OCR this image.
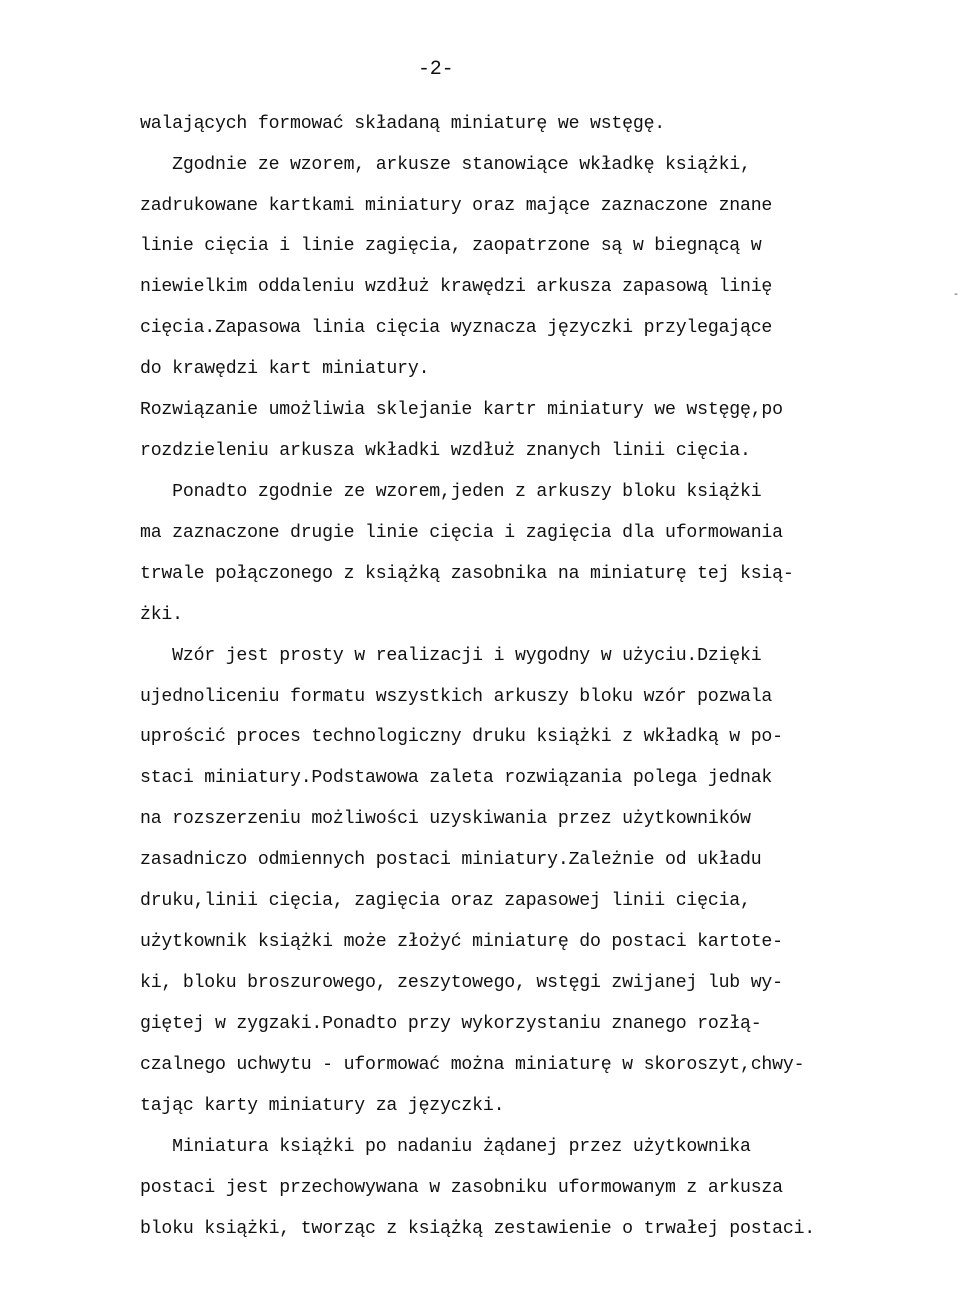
-2-
-
walających formować składaną miniaturę we wstęgę.
Zgodnie ze wzorem, arkusze stanowiące wkładkę książki,
zadrukowane kartkami miniatury oraz mające zaznaczone znane
linie cięcia i linie zagięcia, zaopatrzone są w biegnącą w
niewielkim oddaleniu wzdłuż krawędzi arkusza zapasową linię
cięcia.Zapasowa linia cięcia wyznacza języczki przylegające
do krawędzi kart miniatury.
Rozwiązanie umożliwia sklejanie kartr miniatury we wstęgę,po
rozdzieleniu arkusza wkładki wzdłuż znanych linii cięcia.
Ponadto zgodnie ze wzorem,jeden z arkuszy bloku książki
ma zaznaczone drugie linie cięcia i zagięcia dla uformowania
trwale połączonego z książką zasobnika na miniaturę tej ksią-
żki.
Wzór jest prosty w realizacji i wygodny w użyciu.Dzięki
ujednoliceniu formatu wszystkich arkuszy bloku wzór pozwala
uprościć proces technologiczny druku książki z wkładką w po-
staci miniatury.Podstawowa zaleta rozwiązania polega jednak
na rozszerzeniu możliwości uzyskiwania przez użytkowników
zasadniczo odmiennych postaci miniatury.Zależnie od układu
druku,linii cięcia, zagięcia oraz zapasowej linii cięcia,
użytkownik książki może złożyć miniaturę do postaci kartote-
ki, bloku broszurowego, zeszytowego, wstęgi zwijanej lub wy-
giętej w zygzaki.Ponadto przy wykorzystaniu znanego rozłą-
czalnego uchwytu - uformować można miniaturę w skoroszyt,chwy-
tając karty miniatury za języczki.
Miniatura książki po nadaniu żądanej przez użytkownika
postaci jest przechowywana w zasobniku uformowanym z arkusza
bloku książki, tworząc z książką zestawienie o trwałej postaci.
